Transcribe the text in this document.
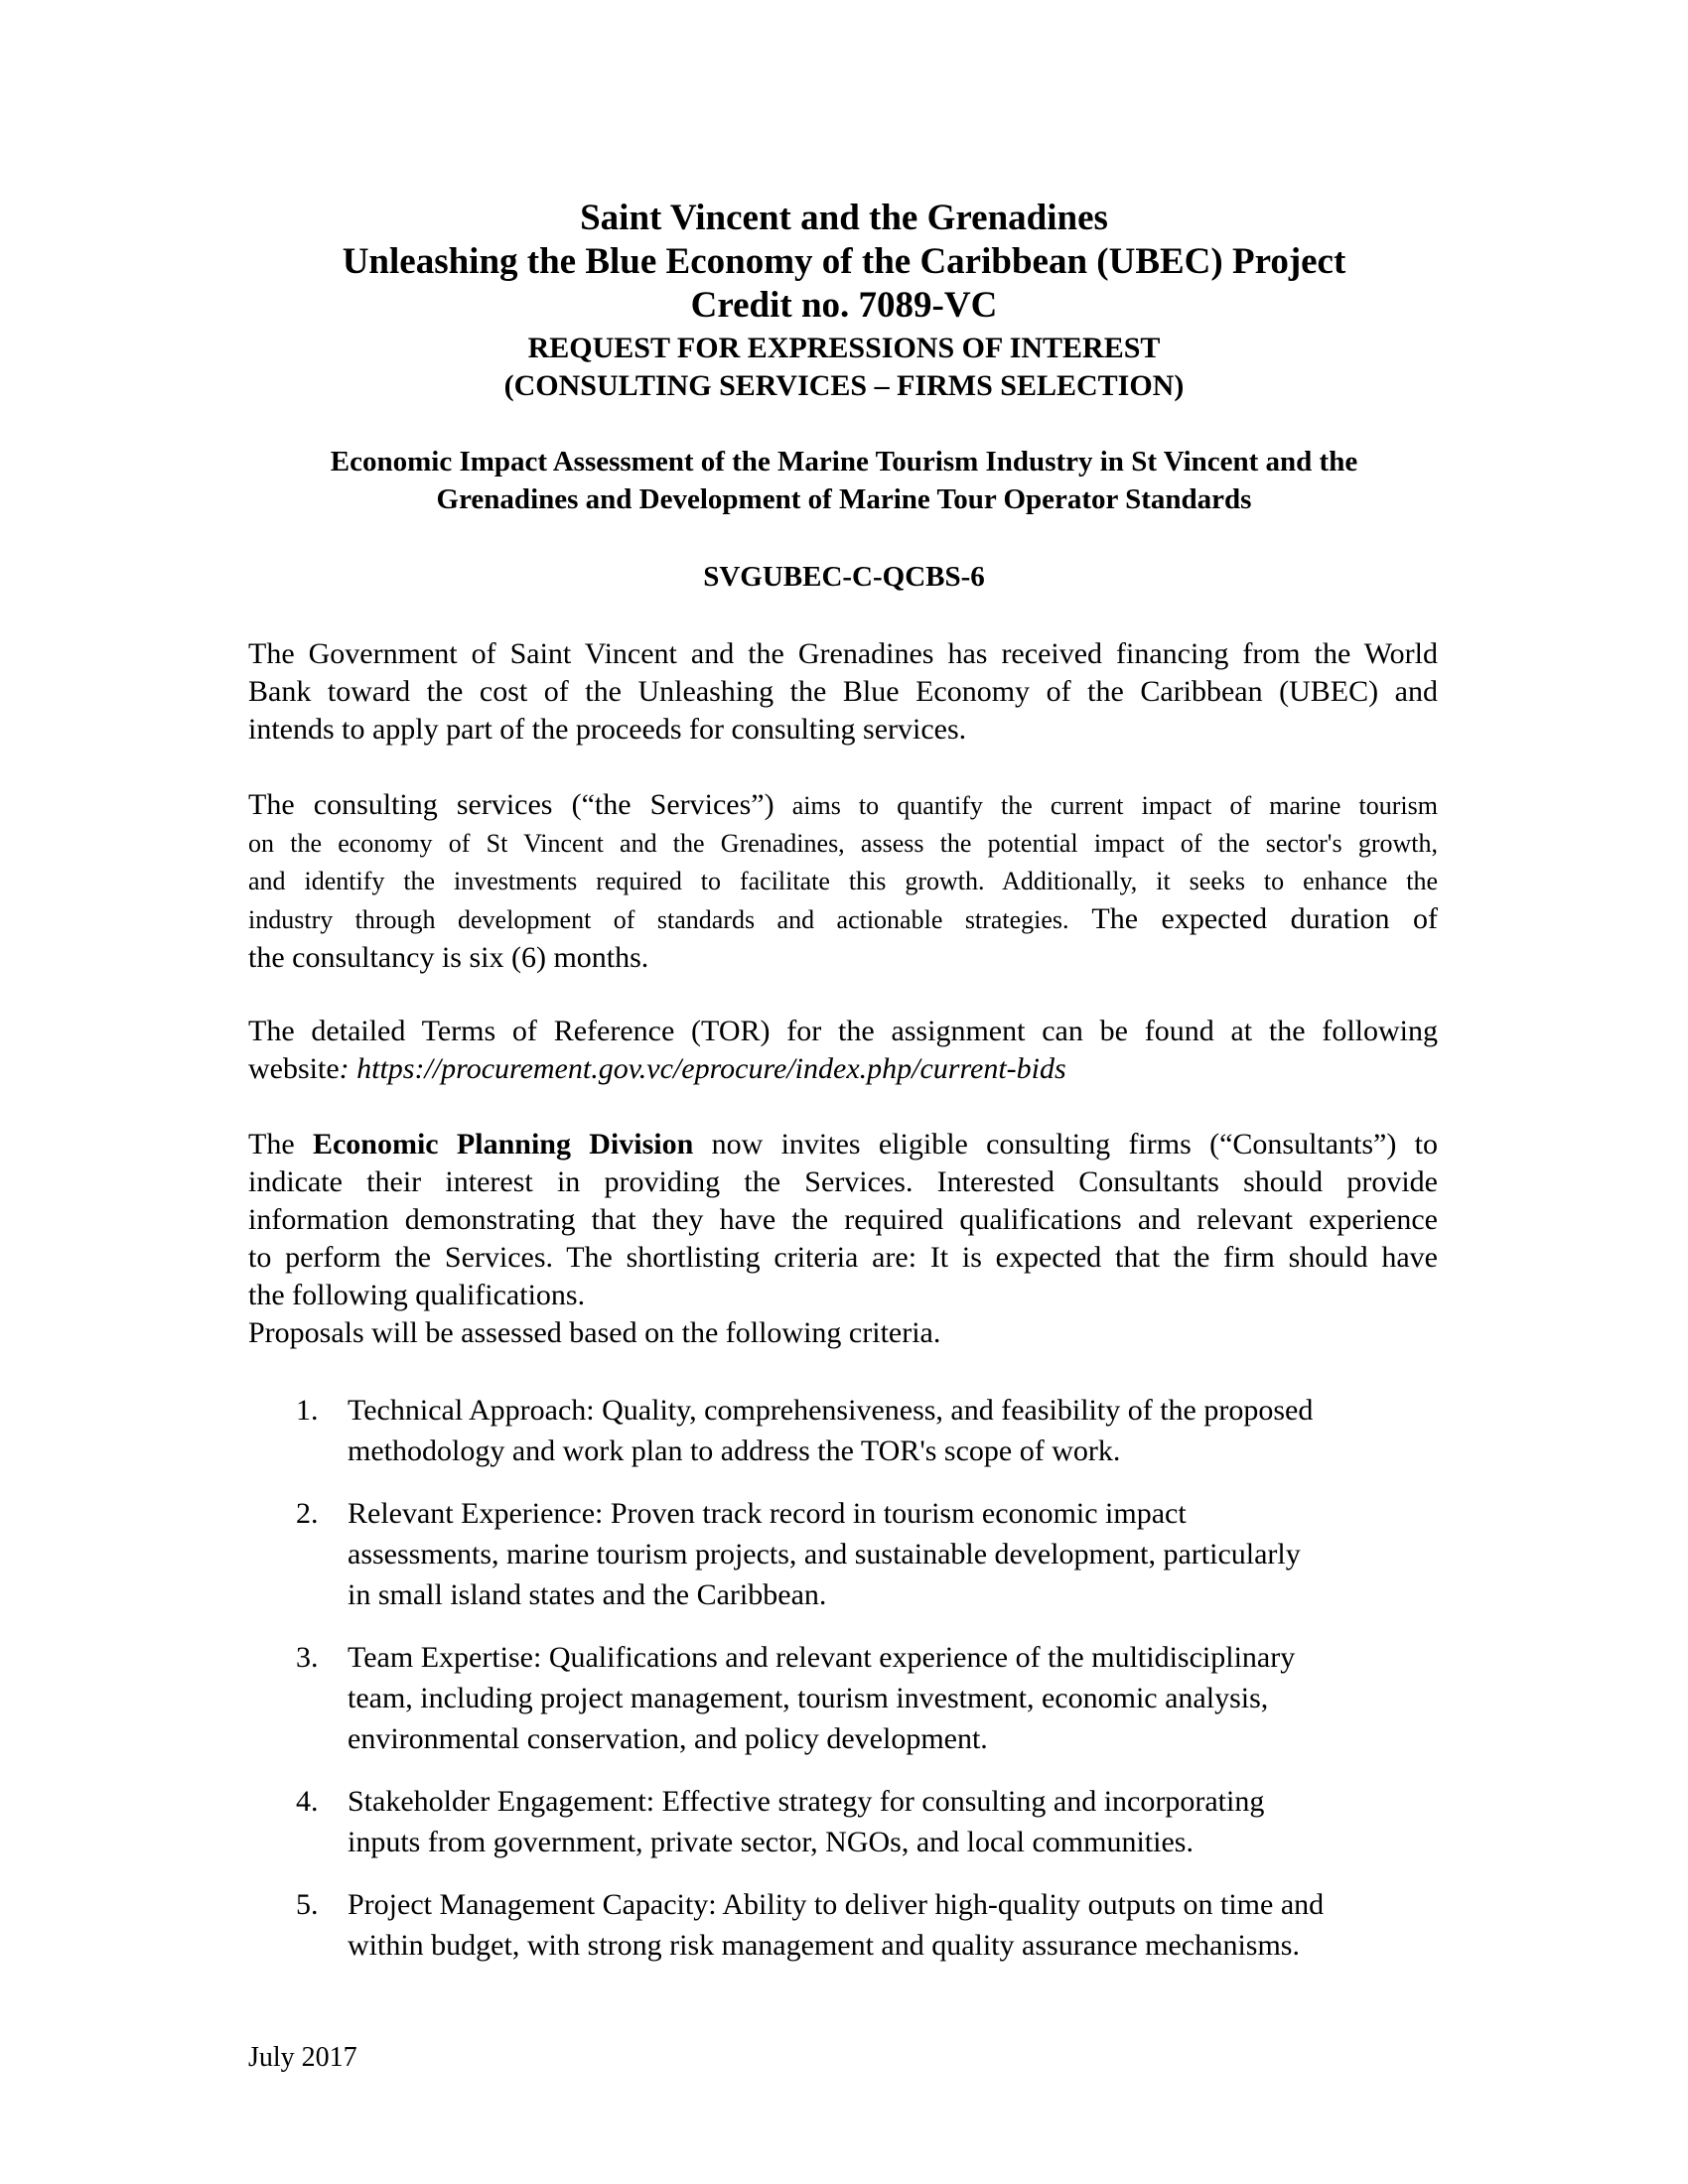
Saint Vincent and the Grenadines
Unleashing the Blue Economy of the Caribbean (UBEC) Project
Credit no. 7089-VC
REQUEST FOR EXPRESSIONS OF INTEREST
(CONSULTING SERVICES – FIRMS SELECTION)
Economic Impact Assessment of the Marine Tourism Industry in St Vincent and the
Grenadines and Development of Marine Tour Operator Standards
SVGUBEC-C-QCBS-6
The Government of Saint Vincent and the Grenadines has received financing from the World
Bank toward the cost of the Unleashing the Blue Economy of the Caribbean (UBEC) and
intends to apply part of the proceeds for consulting services.
The consulting services (“the Services”) aims to quantify the current impact of marine tourism
on the economy of St Vincent and the Grenadines, assess the potential impact of the sector's growth,
and identify the investments required to facilitate this growth. Additionally, it seeks to enhance the
industry through development of standards and actionable strategies. The expected duration of
the consultancy is six (6) months.
The detailed Terms of Reference (TOR) for the assignment can be found at the following
website: https://procurement.gov.vc/eprocure/index.php/current-bids
The Economic Planning Division now invites eligible consulting firms (“Consultants”) to
indicate their interest in providing the Services. Interested Consultants should provide
information demonstrating that they have the required qualifications and relevant experience
to perform the Services. The shortlisting criteria are: It is expected that the firm should have
the following qualifications.
Proposals will be assessed based on the following criteria.
1. Technical Approach: Quality, comprehensiveness, and feasibility of the proposed
methodology and work plan to address the TOR's scope of work.
2. Relevant Experience: Proven track record in tourism economic impact
assessments, marine tourism projects, and sustainable development, particularly
in small island states and the Caribbean.
3. Team Expertise: Qualifications and relevant experience of the multidisciplinary
team, including project management, tourism investment, economic analysis,
environmental conservation, and policy development.
4. Stakeholder Engagement: Effective strategy for consulting and incorporating
inputs from government, private sector, NGOs, and local communities.
5. Project Management Capacity: Ability to deliver high-quality outputs on time and
within budget, with strong risk management and quality assurance mechanisms.
July 2017
